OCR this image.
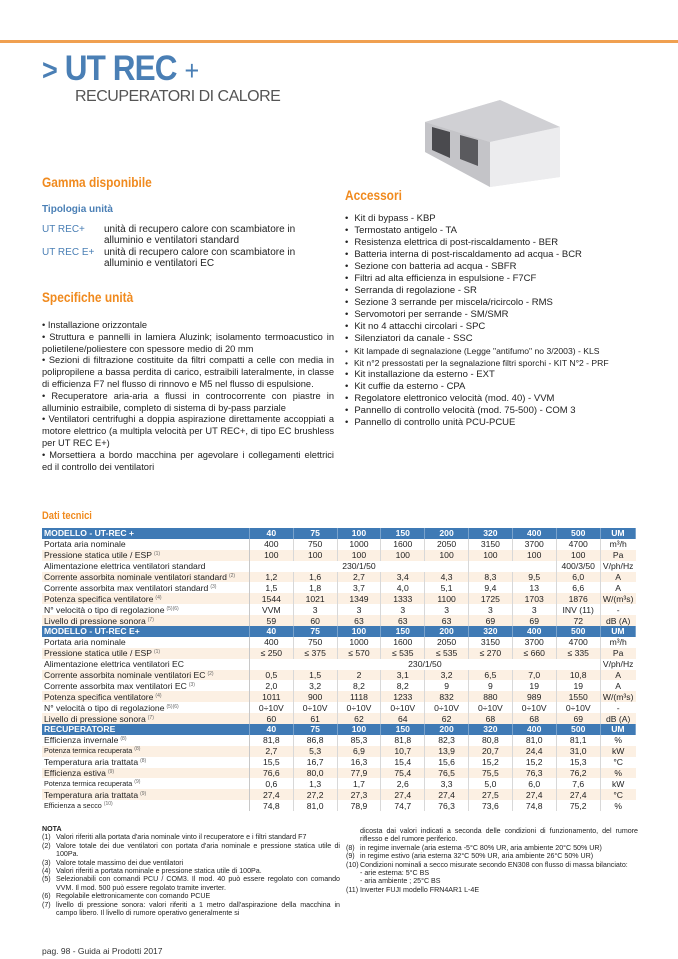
> UT REC +
RECUPERATORI DI CALORE
Gamma disponibile
Tipologia unità
UT REC+	unità di recupero calore con scambiatore in alluminio e ventilatori standard
UT REC E+ unità di recupero calore con scambiatore in alluminio e ventilatori EC
Accessori
• Kit di bypass - KBP
• Termostato antigelo - TA
• Resistenza elettrica di post-riscaldamento - BER
• Batteria interna di post-riscaldamento ad acqua - BCR
• Sezione con batteria ad acqua - SBFR
• Filtri ad alta efficienza in espulsione - F7CF
• Serranda di regolazione - SR
• Sezione 3 serrande per miscela/ricircolo - RMS
• Servomotori per serrande - SM/SMR
• Kit no 4 attacchi circolari - SPC
• Silenziatori da canale - SSC
• Kit lampade di segnalazione (Legge "antifumo" no 3/2003) - KLS
• Kit n°2 pressostati per la segnalazione filtri sporchi - KIT N°2 - PRF
• Kit installazione da esterno - EXT
• Kit cuffie da esterno - CPA
• Regolatore elettronico velocità (mod. 40) - VVM
• Pannello di controllo velocità (mod. 75-500) - COM 3
• Pannello di controllo unità PCU-PCUE
Specifiche unità
• Installazione orizzontale
• Struttura e pannelli in lamiera Aluzink; isolamento termoacustico in polietilene/poliestere con spessore medio di 20 mm
• Sezioni di filtrazione costituite da filtri compatti a celle con media in polipropilene a bassa perdita di carico, estraibili lateralmente, in classe di efficienza F7 nel flusso di rinnovo e M5 nel flusso di espulsione.
• Recuperatore aria-aria a flussi in controcorrente con piastre in alluminio estraibile, completo di sistema di by-pass parziale
• Ventilatori centrifughi a doppia aspirazione direttamente accoppiati a motore elettrico (a multipla velocità per UT REC+, di tipo EC brushless per UT REC E+)
• Morsettiera a bordo macchina per agevolare i collegamenti elettrici ed il controllo dei ventilatori
Dati tecnici
MODELLO - UT-REC +	40	75	100	150	200	320	400	500	UM
Portata aria nominale	400	750	1000	1600	2050	3150	3700	4700	m³/h
Pressione statica utile / ESP $^{(1)}$	100	100	100	100	100	100	100	100	Pa
Alimentazione elettrica ventilatori standard	230/1/50							400/3/50	V/ph/Hz
Corrente assorbita nominale ventilatori standard $^{(2)}$	1,2	1,6	2,7	3,4	4,3	8,3	9,5	6,0	A
Corrente assorbita max ventilatori standard $^{(3)}$	1,5	1,8	3,7	4,0	5,1	9,4	13	6,6	A
Potenza specifica ventilatore $^{(4)}$	1544	1021	1349	1333	1100	1725	1703	1876	W/(m³s)
N° velocità o tipo di regolazione $^{(5)(6)}$	VVM	3	3	3	3	3	3	INV (11)	-
Livello di pressione sonora $^{(7)}$	59	60	63	63	63	69	69	72	dB (A)
MODELLO - UT-REC E+	40	75	100	150	200	320	400	500	UM
Portata aria nominale	400	750	1000	1600	2050	3150	3700	4700	m³/h
Pressione statica utile / ESP $^{(1)}$	≤ 250	≤ 375	≤ 570	≤ 535	≤ 535	≤ 270	≤ 660	≤ 335	Pa
Alimentazione elettrica ventilatori EC	230/1/50								V/ph/Hz
Corrente assorbita nominale ventilatori EC $^{(2)}$	0,5	1,5	2	3,1	3,2	6,5	7,0	10,8	A
Corrente assorbita max ventilatori EC $^{(3)}$	2,0	3,2	8,2	8,2	9	9	19	19	A
Potenza specifica ventilatore $^{(4)}$	1011	900	1118	1233	832	880	989	1550	W/(m³s)
N° velocità o tipo di regolazione $^{(5)(6)}$	0÷10V	0÷10V	0÷10V	0÷10V	0÷10V	0÷10V	0÷10V	0÷10V	-
Livello di pressione sonora $^{(7)}$	60	61	62	64	62	68	68	69	dB (A)
RECUPERATORE	40	75	100	150	200	320	400	500	UM
Efficienza invernale $^{(8)}$	81,8	86,8	85,3	81,8	82,3	80,8	81,0	81,1	%
Potenza termica recuperata $^{(8)}$	2,7	5,3	6,9	10,7	13,9	20,7	24,4	31,0	kW
Temperatura aria trattata $^{(8)}$	15,5	16,7	16,3	15,4	15,6	15,2	15,2	15,3	°C
Efficienza estiva $^{(9)}$	76,6	80,0	77,9	75,4	76,5	75,5	76,3	76,2	%
Potenza termica recuperata $^{(9)}$	0,6	1,3	1,7	2,6	3,3	5,0	6,0	7,6	kW
Temperatura aria trattata $^{(9)}$	27,4	27,2	27,3	27,4	27,4	27,5	27,4	27,4	°C
Efficienza a secco $^{(10)}$	74,8	81,0	78,9	74,7	76,3	73,6	74,8	75,2	%
NOTA
(1) Valori riferiti alla portata d'aria nominale vinto il recuperatore e i filtri standard F7
(2) Valore totale dei due ventilatori con portata d'aria nominale e pressione statica utile di 100Pa.
(3) Valore totale massimo dei due ventilatori
(4) Valori riferiti a portata nominale e pressione statica utile di 100Pa.
(5) Selezionabili con comandi PCU / COM3. Il mod. 40 può essere regolato con comando VVM. Il mod. 500 può essere regolato tramite inverter.
(6) Regolabile elettronicamente con comando PCUE
(7) livello di pressione sonora: valori riferiti a 1 metro dall'aspirazione della macchina in campo libero. Il livello di rumore operativo generalmente si
dicosta dai valori indicati a seconda delle condizioni di funzionamento, del rumore riflesso e del rumore periferico.
(8) in regime invernale (aria esterna -5°C 80% UR, aria ambiente 20°C 50% UR)
(9) in regime estivo (aria esterna 32°C 50% UR, aria ambiente 26°C 50% UR)
(10) Condizioni nominali a secco misurate secondo EN308 con flusso di massa bilanciato:
- arie esterna: 5°C BS
- aria ambiente ; 25°C BS
(11) Inverter FUJI modello FRN4AR1 L-4E
pag. 98 - Guida ai Prodotti 2017
